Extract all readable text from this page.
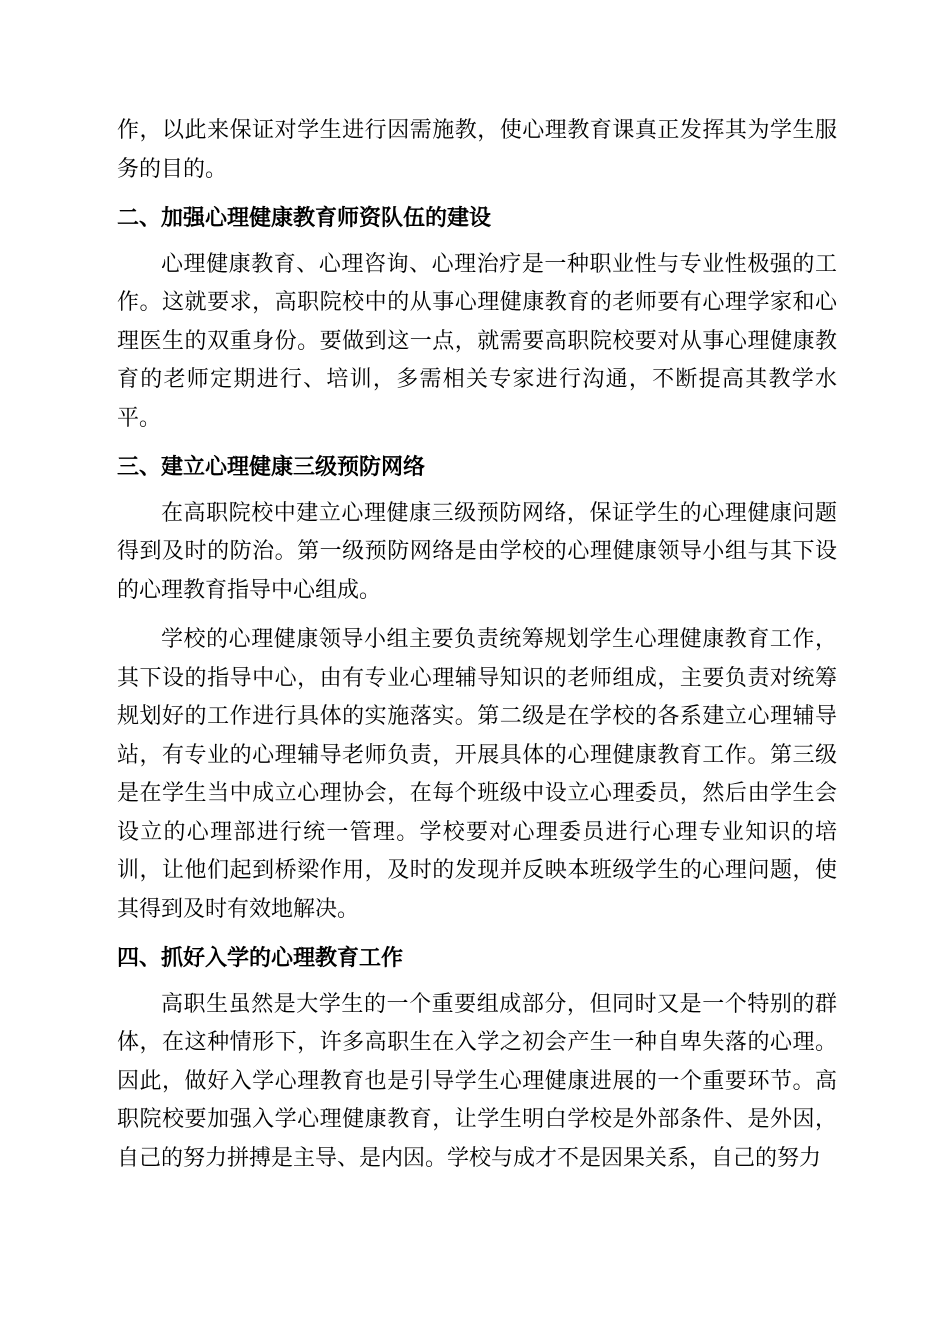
作，以此来保证对学生进行因需施教，使心理教育课真正发挥其为学生服务的目的。

二、加强心理健康教育师资队伍的建设

心理健康教育、心理咨询、心理治疗是一种职业性与专业性极强的工作。这就要求，高职院校中的从事心理健康教育的老师要有心理学家和心理医生的双重身份。要做到这一点，就需要高职院校要对从事心理健康教育的老师定期进行、培训，多需相关专家进行沟通，不断提高其教学水平。

三、建立心理健康三级预防网络

在高职院校中建立心理健康三级预防网络，保证学生的心理健康问题得到及时的防治。第一级预防网络是由学校的心理健康领导小组与其下设的心理教育指导中心组成。

学校的心理健康领导小组主要负责统筹规划学生心理健康教育工作，其下设的指导中心，由有专业心理辅导知识的老师组成，主要负责对统筹规划好的工作进行具体的实施落实。第二级是在学校的各系建立心理辅导站，有专业的心理辅导老师负责，开展具体的心理健康教育工作。第三级是在学生当中成立心理协会，在每个班级中设立心理委员，然后由学生会设立的心理部进行统一管理。学校要对心理委员进行心理专业知识的培训，让他们起到桥梁作用，及时的发现并反映本班级学生的心理问题，使其得到及时有效地解决。

四、抓好入学的心理教育工作

高职生虽然是大学生的一个重要组成部分，但同时又是一个特别的群体，在这种情形下，许多高职生在入学之初会产生一种自卑失落的心理。因此，做好入学心理教育也是引导学生心理健康进展的一个重要环节。高职院校要加强入学心理健康教育，让学生明白学校是外部条件、是外因，自己的努力拼搏是主导、是内因。学校与成才不是因果关系，自己的努力
